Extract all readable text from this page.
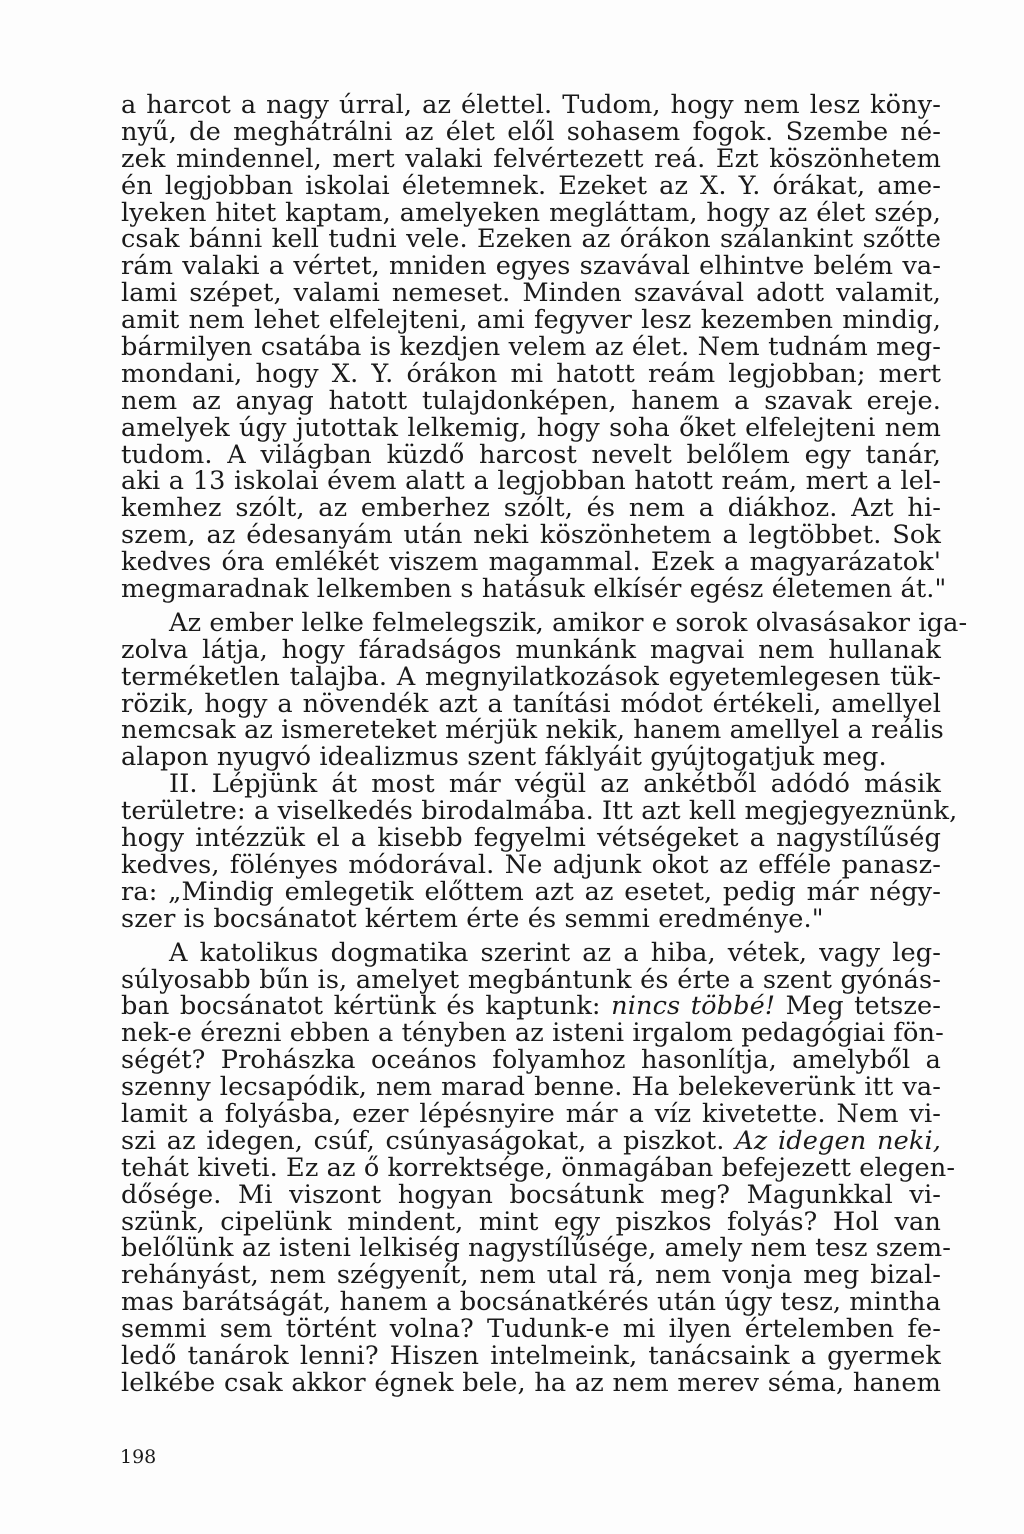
a harcot a nagy úrral, az élettel. Tudom, hogy nem lesz köny-
nyű, de meghátrálni az élet elől sohasem fogok. Szembe né-
zek mindennel, mert valaki felvértezett reá. Ezt köszönhetem
én legjobban iskolai életemnek. Ezeket az X. Y. órákat, ame-
lyeken hitet kaptam, amelyeken megláttam, hogy az élet szép,
csak bánni kell tudni vele. Ezeken az órákon szálankint szőtte
rám valaki a vértet, mniden egyes szavával elhintve belém va-
lami szépet, valami nemeset. Minden szavával adott valamit,
amit nem lehet elfelejteni, ami fegyver lesz kezemben mindig,
bármilyen csatába is kezdjen velem az élet. Nem tudnám meg-
mondani, hogy X. Y. órákon mi hatott reám legjobban; mert
nem az anyag hatott tulajdonképen, hanem a szavak ereje.
amelyek úgy jutottak lelkemig, hogy soha őket elfelejteni nem
tudom. A világban küzdő harcost nevelt belőlem egy tanár,
aki a 13 iskolai évem alatt a legjobban hatott reám, mert a lel-
kemhez szólt, az emberhez szólt, és nem a diákhoz. Azt hi-
szem, az édesanyám után neki köszönhetem a legtöbbet. Sok
kedves óra emlékét viszem magammal. Ezek a magyarázatok'
megmaradnak lelkemben s hatásuk elkísér egész életemen át."
Az ember lelke felmelegszik, amikor e sorok olvasásakor iga-
zolva látja, hogy fáradságos munkánk magvai nem hullanak
terméketlen talajba. A megnyilatkozások egyetemlegesen tük-
rözik, hogy a növendék azt a tanítási módot értékeli, amellyel
nemcsak az ismereteket mérjük nekik, hanem amellyel a reális
alapon nyugvó idealizmus szent fáklyáit gyújtogatjuk meg.
II. Lépjünk át most már végül az ankétből adódó másik
területre: a viselkedés birodalmába. Itt azt kell megjegyeznünk,
hogy intézzük el a kisebb fegyelmi vétségeket a nagystílűség
kedves, fölényes módorával. Ne adjunk okot az efféle panasz-
ra: „Mindig emlegetik előttem azt az esetet, pedig már négy-
szer is bocsánatot kértem érte és semmi eredménye."
A katolikus dogmatika szerint az a hiba, vétek, vagy leg-
súlyosabb bűn is, amelyet megbántunk és érte a szent gyónás-
ban bocsánatot kértünk és kaptunk: nincs többé! Meg tetsze-
nek-e érezni ebben a tényben az isteni irgalom pedagógiai fön-
ségét? Prohászka oceános folyamhoz hasonlítja, amelyből a
szenny lecsapódik, nem marad benne. Ha belekeverünk itt va-
lamit a folyásba, ezer lépésnyire már a víz kivetette. Nem vi-
szi az idegen, csúf, csúnyaságokat, a piszkot. Az idegen neki,
tehát kiveti. Ez az ő korrektsége, önmagában befejezett elegen-
dősége. Mi viszont hogyan bocsátunk meg? Magunkkal vi-
szünk, cipelünk mindent, mint egy piszkos folyás? Hol van
belőlünk az isteni lelkiség nagystílűsége, amely nem tesz szem-
rehányást, nem szégyenít, nem utal rá, nem vonja meg bizal-
mas barátságát, hanem a bocsánatkérés után úgy tesz, mintha
semmi sem történt volna? Tudunk-e mi ilyen értelemben fe-
ledő tanárok lenni? Hiszen intelmeink, tanácsaink a gyermek
lelkébe csak akkor égnek bele, ha az nem merev séma, hanem
198
